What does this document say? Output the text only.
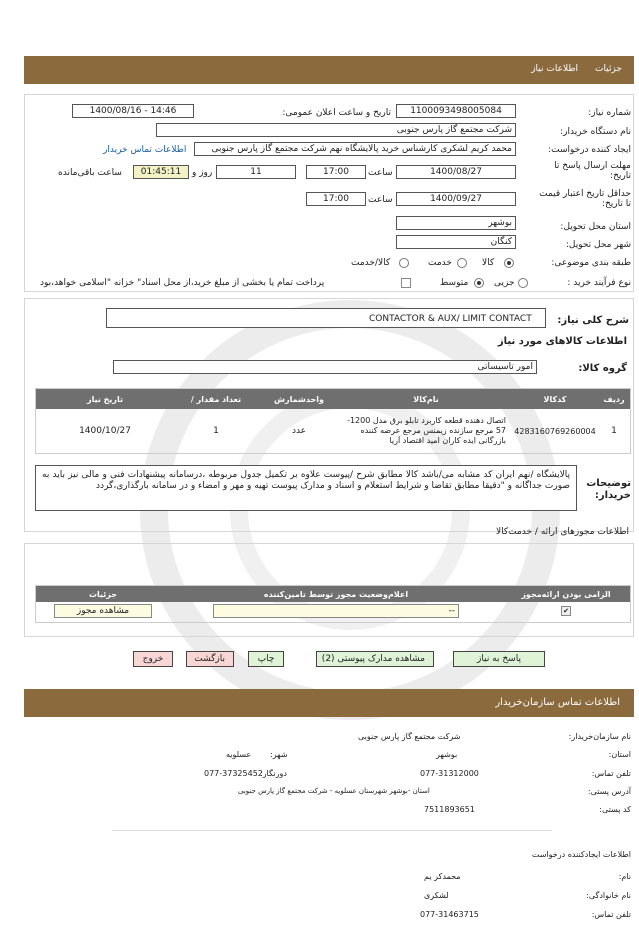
جزئیات
اطلاعات نیاز
شماره نیاز:
1100093498005084
تاریخ و ساعت اعلان عمومی:
1400/08/16 - 14:46
نام دستگاه خریدار:
شرکت مجتمع گاز پارس جنوبی
ایجاد کننده درخواست:
محمد کریم لشکری کارشناس خرید پالایشگاه نهم شرکت مجتمع گاز پارس جنوبی
اطلاعات تماس خریدار
مهلت ارسال پاسخ تا تاریخ:
1400/08/27
ساعت
17:00
11
روز و
01:45:11
ساعت باقی‌مانده
حداقل تاریخ اعتبار قیمت تا تاریخ:
1400/09/27
ساعت
17:00
استان محل تحویل:
بوشهر
شهر محل تحویل:
کنگان
طبقه بندی موضوعی:
کالا
خدمت
کالا/خدمت
نوع فرآیند خرید :
جزیی
متوسط
پرداخت تمام یا بخشی از مبلغ خرید،از محل اسناد" خزانه "اسلامی خواهد،بود
شرح کلی نیاز:
CONTACTOR & AUX/ LIMIT CONTACT
اطلاعات کالاهای مورد نیاز
گروه کالا:
امور تاسیساتی
ردیف	کدکالا	نام‌کالا	واحدشمارش	تعداد مقدار /	تاریخ نیاز
1	4283160769260004	اتصال دهنده قطعه کاربرد تابلو برق مدل 1200-57 مرجع سازنده زیمنس مرجع عرضه کننده بازرگانی ایده کاران امید اقتصاد آریا	عدد	1	1400/10/27
پالایشگاه /نهم ایران کد مشابه می‌/باشد کالا مطابق شرح /پیوست علاوه بر تکمیل جدول مربوطه ،درسامانه پیشنهادات فنی و مالی نیز باید به صورت جداگانه و "دقیقا مطابق تقاضا و شرایط استعلام و اسناد و مدارک پیوست تهیه و مهر و امضاء و در سامانه بارگذاری،گردد	توضیحات خریدار:
اطلاعات مجوزهای ارائه / خدمت‌کالا
الزامی بودن ارائه‌مجوز	اعلام‌وضعیت مجوز توسط تامین‌کننده	جزئیات
✔	--	مشاهده مجوز
پاسخ به نیاز
مشاهده مدارک پیوستی (2)
چاپ
بازگشت
خروج
اطلاعات تماس سازمان‌خریدار
نام سازمان‌خریدار:
شرکت مجتمع گاز پارس جنوبی
استان:
بوشهر
شهر:
عسلویه
تلفن تماس:
077-31312000
دورنگار:
077-37325452
آدرس پستی:
استان -بوشهر شهرستان عسلویه - شرکت مجتمع گاز پارس جنوبی
کد پستی:
7511893651
اطلاعات ایجادکننده درخواست
نام:
محمدکر یم
نام خانوادگی:
لشکری
تلفن تماس:
077-31463715
